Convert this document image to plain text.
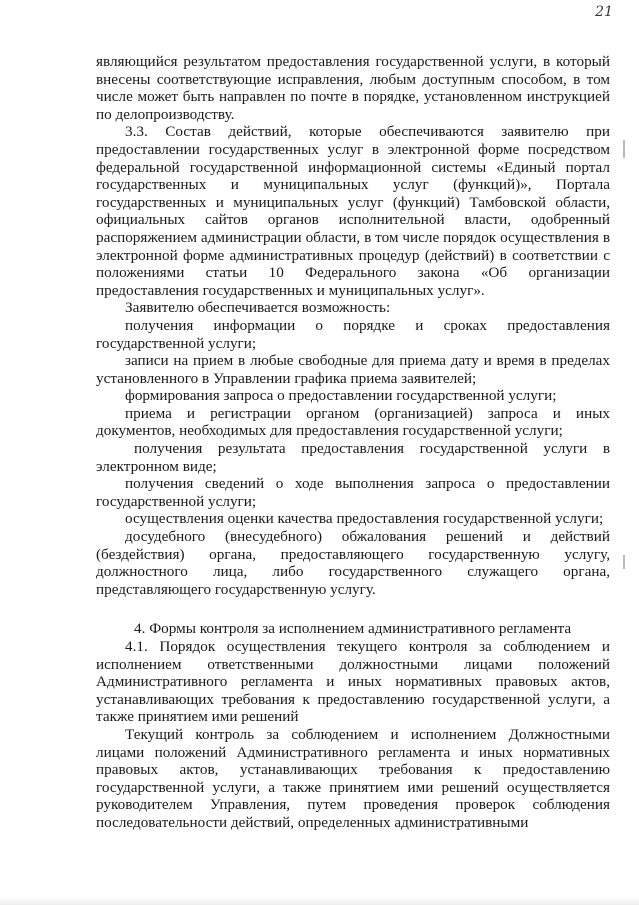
21

являющийся результатом предоставления государственной услуги, в который внесены соответствующие исправления, любым доступным способом, в том числе может быть направлен по почте в порядке, установленном инструкцией по делопроизводству.

3.3. Состав действий, которые обеспечиваются заявителю при предоставлении государственных услуг в электронной форме посредством федеральной государственной информационной системы «Единый портал государственных и муниципальных услуг (функций)», Портала государственных и муниципальных услуг (функций) Тамбовской области, официальных сайтов органов исполнительной власти, одобренный распоряжением администрации области, в том числе порядок осуществления в электронной форме административных процедур (действий) в соответствии с положениями статьи 10 Федерального закона «Об организации предоставления государственных и муниципальных услуг».

Заявителю обеспечивается возможность:

получения информации о порядке и сроках предоставления государственной услуги;

записи на прием в любые свободные для приема дату и время в пределах установленного в Управлении графика приема заявителей;

формирования запроса о предоставлении государственной услуги;

приема и регистрации органом (организацией) запроса и иных документов, необходимых для предоставления государственной услуги;

получения результата предоставления государственной услуги в электронном виде;

получения сведений о ходе выполнения запроса о предоставлении государственной услуги;

осуществления оценки качества предоставления государственной услуги;

досудебного (внесудебного) обжалования решений и действий (бездействия) органа, предоставляющего государственную услугу, должностного лица, либо государственного служащего органа, представляющего государственную услугу.

4. Формы контроля за исполнением административного регламента

4.1. Порядок осуществления текущего контроля за соблюдением и исполнением ответственными должностными лицами положений Административного регламента и иных нормативных правовых актов, устанавливающих требования к предоставлению государственной услуги, а также принятием ими решений

Текущий контроль за соблюдением и исполнением Должностными лицами положений Административного регламента и иных нормативных правовых актов, устанавливающих требования к предоставлению государственной услуги, а также принятием ими решений осуществляется руководителем Управления, путем проведения проверок соблюдения последовательности действий, определенных административными
